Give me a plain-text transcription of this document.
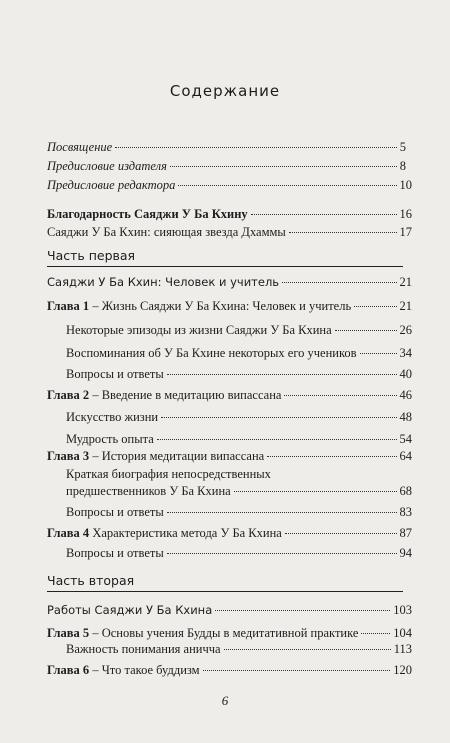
Содержание
Посвящение	5
Предисловие издателя	8
Предисловие редактора	10
Благодарность Саяджи У Ба Кхину	16
Саяджи У Ба Кхин: сияющая звезда Дхаммы	17
Часть первая
Саяджи У Ба Кхин: Человек и учитель	21
Глава 1 – Жизнь Саяджи У Ба Кхина: Человек и учитель	21
Некоторые эпизоды из жизни Саяджи У Ба Кхина	26
Воспоминания об У Ба Кхине некоторых его учеников	34
Вопросы и ответы	40
Глава 2 – Введение в медитацию випассана	46
Искусство жизни	48
Мудрость опыта	54
Глава 3 – История медитации випассана	64
Краткая биография непосредственных
предшественников У Ба Кхина	68
Вопросы и ответы	83
Глава 4 Характеристика метода У Ба Кхина	87
Вопросы и ответы	94
Часть вторая
Работы Саяджи У Ба Кхина	103
Глава 5 – Основы учения Будды в медитативной практике	104
Важность понимания аничча	113
Глава 6 – Что такое буддизм	120
6
